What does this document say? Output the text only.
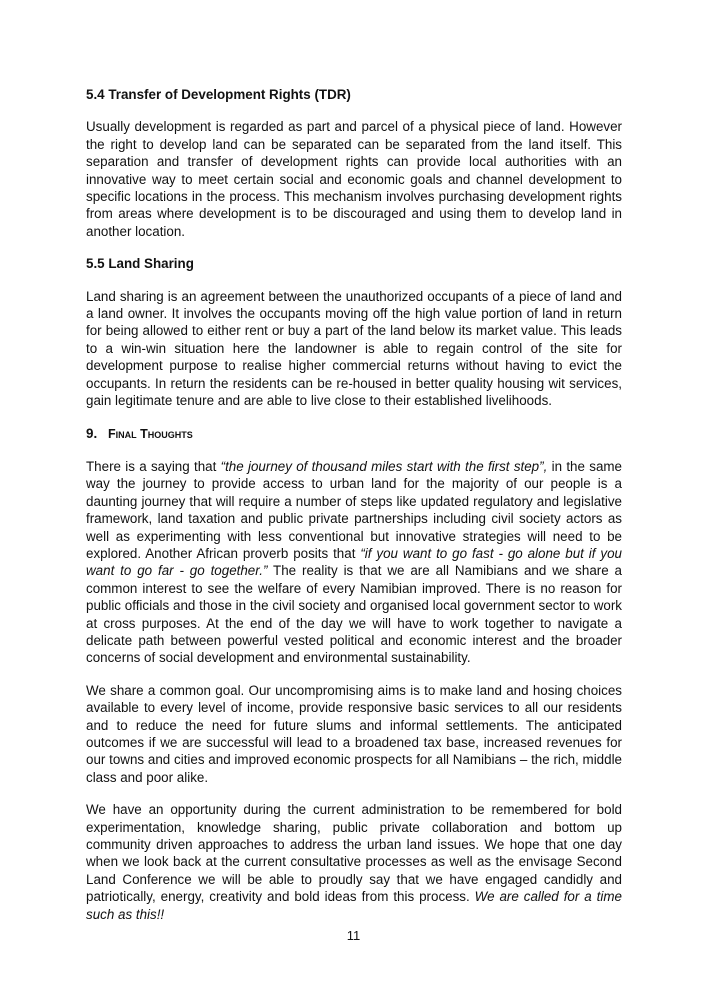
5.4 Transfer of Development Rights (TDR)

Usually development is regarded as part and parcel of a physical piece of land. However the right to develop land can be separated can be separated from the land itself. This separation and transfer of development rights can provide local authorities with an innovative way to meet certain social and economic goals and channel development to specific locations in the process. This mechanism involves purchasing development rights from areas where development is to be discouraged and using them to develop land in another location.

5.5 Land Sharing

Land sharing is an agreement between the unauthorized occupants of a piece of land and a land owner. It involves the occupants moving off the high value portion of land in return for being allowed to either rent or buy a part of the land below its market value. This leads to a win-win situation here the landowner is able to regain control of the site for development purpose to realise higher commercial returns without having to evict the occupants. In return the residents can be re-housed in better quality housing wit services, gain legitimate tenure and are able to live close to their established livelihoods.

9. Final Thoughts

There is a saying that “the journey of thousand miles start with the first step”, in the same way the journey to provide access to urban land for the majority of our people is a daunting journey that will require a number of steps like updated regulatory and legislative framework, land taxation and public private partnerships including civil society actors as well as experimenting with less conventional but innovative strategies will need to be explored. Another African proverb posits that “if you want to go fast - go alone but if you want to go far - go together.” The reality is that we are all Namibians and we share a common interest to see the welfare of every Namibian improved. There is no reason for public officials and those in the civil society and organised local government sector to work at cross purposes. At the end of the day we will have to work together to navigate a delicate path between powerful vested political and economic interest and the broader concerns of social development and environmental sustainability.

We share a common goal. Our uncompromising aims is to make land and hosing choices available to every level of income, provide responsive basic services to all our residents and to reduce the need for future slums and informal settlements. The anticipated outcomes if we are successful will lead to a broadened tax base, increased revenues for our towns and cities and improved economic prospects for all Namibians – the rich, middle class and poor alike.

We have an opportunity during the current administration to be remembered for bold experimentation, knowledge sharing, public private collaboration and bottom up community driven approaches to address the urban land issues. We hope that one day when we look back at the current consultative processes as well as the envisage Second Land Conference we will be able to proudly say that we have engaged candidly and patriotically, energy, creativity and bold ideas from this process. We are called for a time such as this!!

11
